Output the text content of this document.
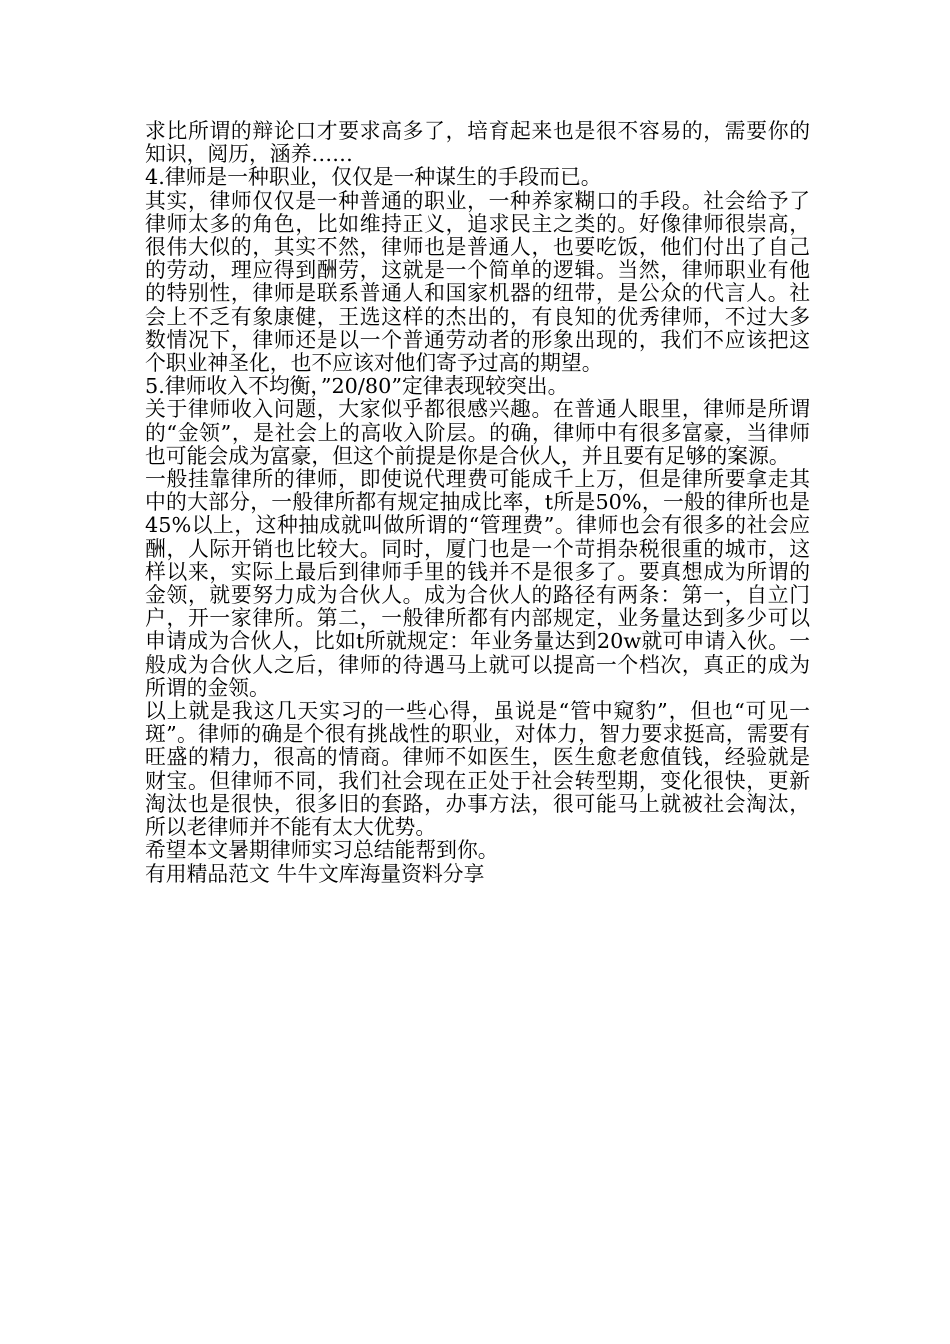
求比所谓的辩论口才要求高多了，培育起来也是很不容易的，需要你的知识，阅历，涵养……

4.律师是一种职业，仅仅是一种谋生的手段而已。

其实，律师仅仅是一种普通的职业，一种养家糊口的手段。社会给予了律师太多的角色，比如维持正义，追求民主之类的。好像律师很崇高，很伟大似的，其实不然，律师也是普通人，也要吃饭，他们付出了自己的劳动，理应得到酬劳，这就是一个简单的逻辑。当然，律师职业有他的特别性，律师是联系普通人和国家机器的纽带，是公众的代言人。社会上不乏有象康健，王选这样的杰出的，有良知的优秀律师，不过大多数情况下，律师还是以一个普通劳动者的形象出现的，我们不应该把这个职业神圣化，也不应该对他们寄予过高的期望。

5.律师收入不均衡，”20/80”定律表现较突出。

关于律师收入问题，大家似乎都很感兴趣。在普通人眼里，律师是所谓的“金领”，是社会上的高收入阶层。的确，律师中有很多富豪，当律师也可能会成为富豪，但这个前提是你是合伙人，并且要有足够的案源。

一般挂靠律所的律师，即使说代理费可能成千上万，但是律所要拿走其中的大部分，一般律所都有规定抽成比率，t所是50%，一般的律所也是45%以上，这种抽成就叫做所谓的“管理费”。律师也会有很多的社会应酬，人际开销也比较大。同时，厦门也是一个苛捐杂税很重的城市，这样以来，实际上最后到律师手里的钱并不是很多了。要真想成为所谓的金领，就要努力成为合伙人。成为合伙人的路径有两条：第一，自立门户，开一家律所。第二，一般律所都有内部规定，业务量达到多少可以申请成为合伙人，比如t所就规定：年业务量达到20w就可申请入伙。一般成为合伙人之后，律师的待遇马上就可以提高一个档次，真正的成为所谓的金领。

以上就是我这几天实习的一些心得，虽说是“管中窥豹”，但也“可见一斑”。律师的确是个很有挑战性的职业，对体力，智力要求挺高，需要有旺盛的精力，很高的情商。律师不如医生，医生愈老愈值钱，经验就是财宝。但律师不同，我们社会现在正处于社会转型期，变化很快，更新淘汰也是很快，很多旧的套路，办事方法，很可能马上就被社会淘汰，所以老律师并不能有太大优势。

希望本文暑期律师实习总结能帮到你。

有用精品范文 牛牛文库海量资料分享
